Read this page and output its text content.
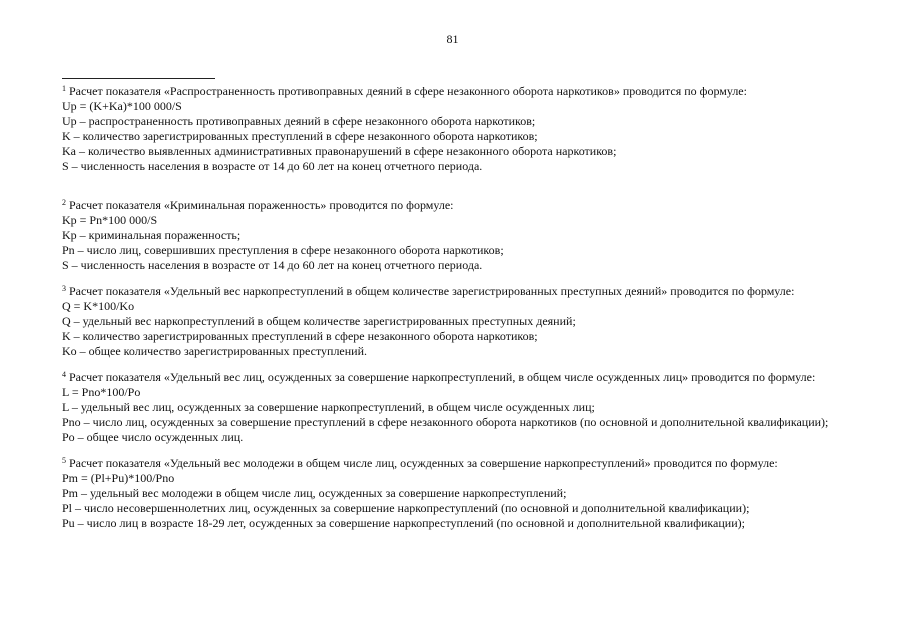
81

$^1$ Расчет показателя «Распространенность противоправных деяний в сфере незаконного оборота наркотиков» проводится по формуле:

Up = (K+Ka)*100 000/S

Up – распространенность противоправных деяний в сфере незаконного оборота наркотиков;

K – количество зарегистрированных преступлений в сфере незаконного оборота наркотиков;

Ka – количество выявленных административных правонарушений в сфере незаконного оборота наркотиков;

S – численность населения в возрасте от 14 до 60 лет на конец отчетного периода.

$^2$ Расчет показателя «Криминальная пораженность» проводится по формуле:

Kp = Pn*100 000/S

Kp – криминальная пораженность;

Pn – число лиц, совершивших преступления в сфере незаконного оборота наркотиков;

S – численность населения в возрасте от 14 до 60 лет на конец отчетного периода.

$^3$ Расчет показателя «Удельный вес наркопреступлений в общем количестве зарегистрированных преступных деяний» проводится по формуле:

Q = K*100/Ko

Q – удельный вес наркопреступлений в общем количестве зарегистрированных преступных деяний;

K – количество зарегистрированных преступлений в сфере незаконного оборота наркотиков;

Ko – общее количество зарегистрированных преступлений.

$^4$ Расчет показателя «Удельный вес лиц, осужденных за совершение наркопреступлений, в общем числе осужденных лиц» проводится по формуле:

L = Pno*100/Po

L – удельный вес лиц, осужденных за совершение наркопреступлений, в общем числе осужденных лиц;

Pno – число лиц, осужденных за совершение преступлений в сфере незаконного оборота наркотиков (по основной и дополнительной квалификации);

Po – общее число осужденных лиц.

$^5$ Расчет показателя «Удельный вес молодежи в общем числе лиц, осужденных за совершение наркопреступлений» проводится по формуле:

Pm = (Pl+Pu)*100/Pno

Pm – удельный вес молодежи в общем числе лиц, осужденных за совершение наркопреступлений;

Pl – число несовершеннолетних лиц, осужденных за совершение наркопреступлений (по основной и дополнительной квалификации);

Pu – число лиц в возрасте 18-29 лет, осужденных за совершение наркопреступлений (по основной и дополнительной квалификации);
